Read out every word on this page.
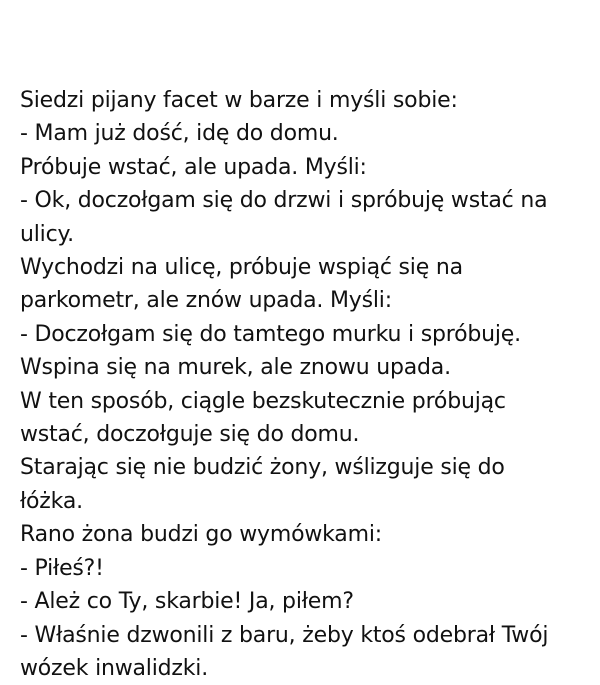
Siedzi pijany facet w barze i myśli sobie:
- Mam już dość, idę do domu.
Próbuje wstać, ale upada. Myśli:
- Ok, doczołgam się do drzwi i spróbuję wstać na
ulicy.
Wychodzi na ulicę, próbuje wspiąć się na
parkometr, ale znów upada. Myśli:
- Doczołgam się do tamtego murku i spróbuję.
Wspina się na murek, ale znowu upada.
W ten sposób, ciągle bezskutecznie próbując
wstać, doczołguje się do domu.
Starając się nie budzić żony, wślizguje się do
łóżka.
Rano żona budzi go wymówkami:
- Piłeś?!
- Ależ co Ty, skarbie! Ja, piłem?
- Właśnie dzwonili z baru, żeby ktoś odebrał Twój
wózek inwalidzki.
